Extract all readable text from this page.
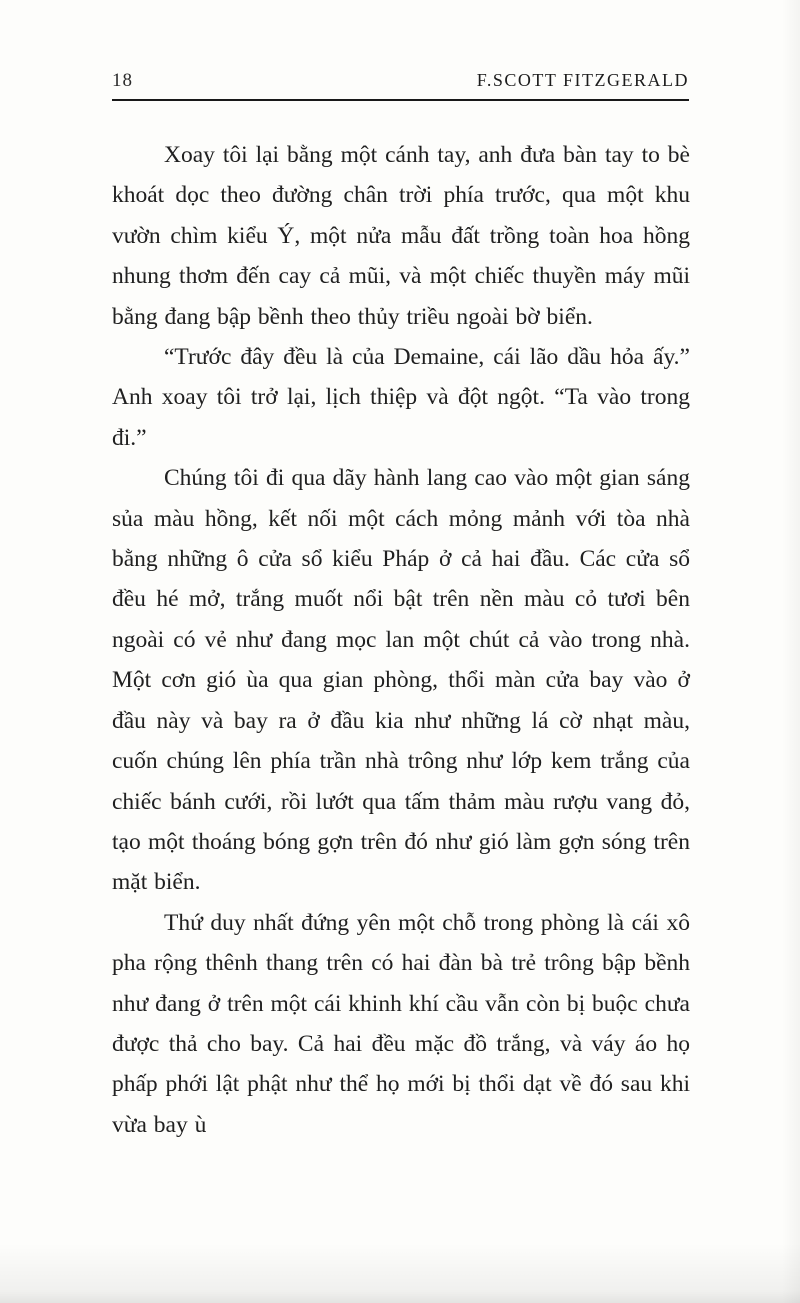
18	F.SCOTT FITZGERALD

Xoay tôi lại bằng một cánh tay, anh đưa bàn tay to bè khoát dọc theo đường chân trời phía trước, qua một khu vườn chìm kiểu Ý, một nửa mẫu đất trồng toàn hoa hồng nhung thơm đến cay cả mũi, và một chiếc thuyền máy mũi bằng đang bập bềnh theo thủy triều ngoài bờ biển.

“Trước đây đều là của Demaine, cái lão dầu hỏa ấy.” Anh xoay tôi trở lại, lịch thiệp và đột ngột. “Ta vào trong đi.”

Chúng tôi đi qua dãy hành lang cao vào một gian sáng sủa màu hồng, kết nối một cách mỏng mảnh với tòa nhà bằng những ô cửa sổ kiểu Pháp ở cả hai đầu. Các cửa sổ đều hé mở, trắng muốt nổi bật trên nền màu cỏ tươi bên ngoài có vẻ như đang mọc lan một chút cả vào trong nhà. Một cơn gió ùa qua gian phòng, thổi màn cửa bay vào ở đầu này và bay ra ở đầu kia như những lá cờ nhạt màu, cuốn chúng lên phía trần nhà trông như lớp kem trắng của chiếc bánh cưới, rồi lướt qua tấm thảm màu rượu vang đỏ, tạo một thoáng bóng gợn trên đó như gió làm gợn sóng trên mặt biển.

Thứ duy nhất đứng yên một chỗ trong phòng là cái xô pha rộng thênh thang trên có hai đàn bà trẻ trông bập bềnh như đang ở trên một cái khinh khí cầu vẫn còn bị buộc chưa được thả cho bay. Cả hai đều mặc đồ trắng, và váy áo họ phấp phới lật phật như thể họ mới bị thổi dạt về đó sau khi vừa bay ù
